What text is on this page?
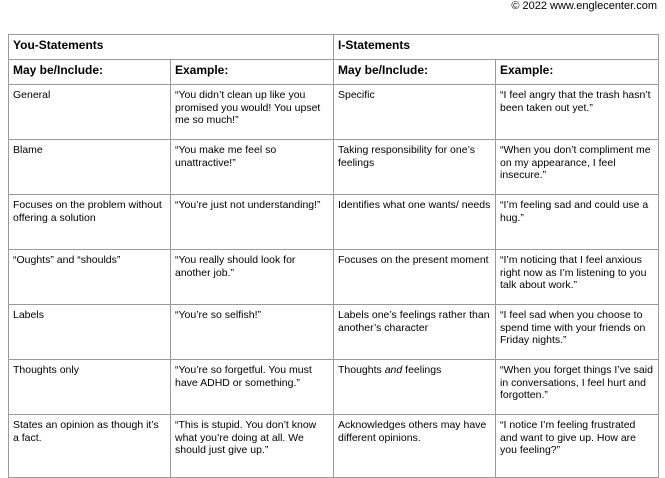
© 2022 www.englecenter.com
You-Statements		I-Statements	
May be/Include:	Example:	May be/Include:	Example:
General	“You didn’t clean up like you promised you would! You upset me so much!”	Specific	“I feel angry that the trash hasn’t been taken out yet.”
Blame	“You make me feel so unattractive!”	Taking responsibility for one’s feelings	“When you don’t compliment me on my appearance, I feel insecure.”
Focuses on the problem without offering a solution	“You’re just not understanding!”	Identifies what one wants/ needs	“I’m feeling sad and could use a hug.”
“Oughts” and “shoulds”	“You really should look for another job.”	Focuses on the present moment	“I’m noticing that I feel anxious right now as I’m listening to you talk about work.”
Labels	“You’re so selfish!”	Labels one’s feelings rather than another’s character	“I feel sad when you choose to spend time with your friends on Friday nights.”
Thoughts only	“You’re so forgetful. You must have ADHD or something.”	Thoughts and feelings	“When you forget things I’ve said in conversations, I feel hurt and forgotten.”
States an opinion as though it’s a fact.	“This is stupid. You don’t know what you’re doing at all. We should just give up.”	Acknowledges others may have different opinions.	“I notice I’m feeling frustrated and want to give up. How are you feeling?”
